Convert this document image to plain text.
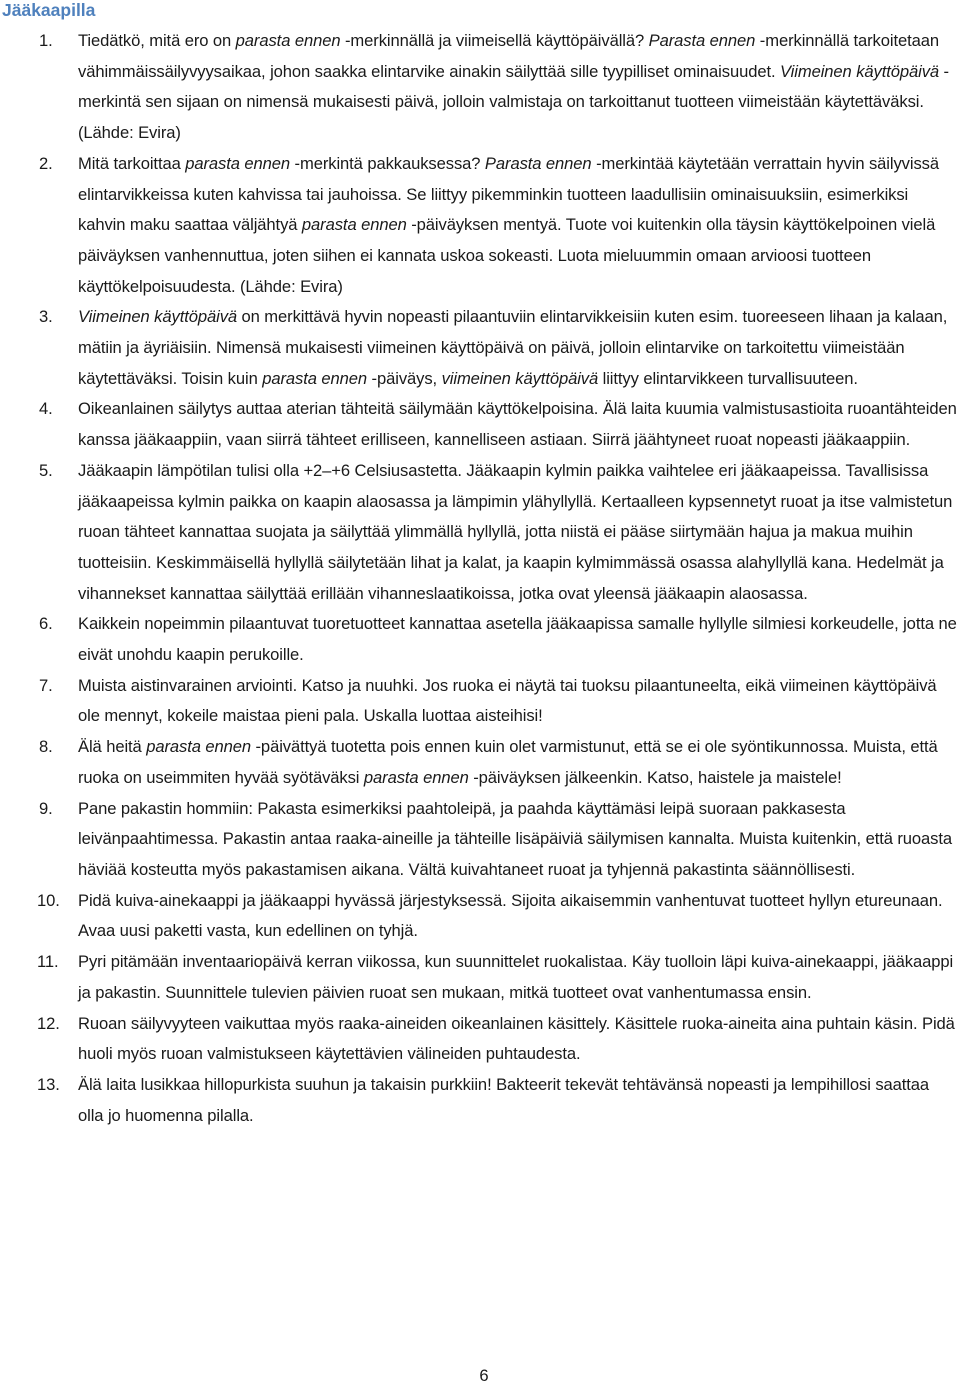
Jääkaapilla
1.	Tiedätkö, mitä ero on parasta ennen -merkinnällä ja viimeisellä käyttöpäivällä? Parasta ennen -merkinnällä tarkoitetaan vähimmäissäilyvyysaikaa, johon saakka elintarvike ainakin säilyttää sille tyypilliset ominaisuudet. Viimeinen käyttöpäivä -merkintä sen sijaan on nimensä mukaisesti päivä, jolloin valmistaja on tarkoittanut tuotteen viimeistään käytettäväksi. (Lähde: Evira)
2.	Mitä tarkoittaa parasta ennen -merkintä pakkauksessa? Parasta ennen -merkintää käytetään verrattain hyvin säilyvissä elintarvikkeissa kuten kahvissa tai jauhoissa. Se liittyy pikemminkin tuotteen laadullisiin ominaisuuksiin, esimerkiksi kahvin maku saattaa väljähtyä parasta ennen -päiväyksen mentyä. Tuote voi kuitenkin olla täysin käyttökelpoinen vielä päiväyksen vanhennuttua, joten siihen ei kannata uskoa sokeasti. Luota mieluummin omaan arvioosi tuotteen käyttökelpoisuudesta. (Lähde: Evira)
3.	Viimeinen käyttöpäivä on merkittävä hyvin nopeasti pilaantuviin elintarvikkeisiin kuten esim. tuoreeseen lihaan ja kalaan, mätiin ja äyriäisiin. Nimensä mukaisesti viimeinen käyttöpäivä on päivä, jolloin elintarvike on tarkoitettu viimeistään käytettäväksi. Toisin kuin parasta ennen -päiväys, viimeinen käyttöpäivä liittyy elintarvikkeen turvallisuuteen.
4.	Oikeanlainen säilytys auttaa aterian tähteitä säilymään käyttökelpoisina. Älä laita kuumia valmistusastioita ruoantähteiden kanssa jääkaappiin, vaan siirrä tähteet erilliseen, kannelliseen astiaan. Siirrä jäähtyneet ruoat nopeasti jääkaappiin.
5.	Jääkaapin lämpötilan tulisi olla +2–+6 Celsiusastetta. Jääkaapin kylmin paikka vaihtelee eri jääkaapeissa. Tavallisissa jääkaapeissa kylmin paikka on kaapin alaosassa ja lämpimin ylähyllyllä. Kertaalleen kypsennetyt ruoat ja itse valmistetun ruoan tähteet kannattaa suojata ja säilyttää ylimmällä hyllyllä, jotta niistä ei pääse siirtymään hajua ja makua muihin tuotteisiin. Keskimmäisellä hyllyllä säilytetään lihat ja kalat, ja kaapin kylmimmässä osassa alahyllyllä kana. Hedelmät ja vihannekset kannattaa säilyttää erillään vihanneslaatikoissa, jotka ovat yleensä jääkaapin alaosassa.
6.	Kaikkein nopeimmin pilaantuvat tuoretuotteet kannattaa asetella jääkaapissa samalle hyllylle silmiesi korkeudelle, jotta ne eivät unohdu kaapin perukoille.
7.	Muista aistinvarainen arviointi. Katso ja nuuhki. Jos ruoka ei näytä tai tuoksu pilaantuneelta, eikä viimeinen käyttöpäivä ole mennyt, kokeile maistaa pieni pala. Uskalla luottaa aisteihisi!
8.	Älä heitä parasta ennen -päivättyä tuotetta pois ennen kuin olet varmistunut, että se ei ole syöntikunnossa. Muista, että ruoka on useimmiten hyvää syötäväksi parasta ennen -päiväyksen jälkeenkin. Katso, haistele ja maistele!
9.	Pane pakastin hommiin: Pakasta esimerkiksi paahtoleipä, ja paahda käyttämäsi leipä suoraan pakkasesta leivänpaahtimessa. Pakastin antaa raaka-aineille ja tähteille lisäpäiviä säilymisen kannalta. Muista kuitenkin, että ruoasta häviää kosteutta myös pakastamisen aikana. Vältä kuivahtaneet ruoat ja tyhjennä pakastinta säännöllisesti.
10.	Pidä kuiva-ainekaappi ja jääkaappi hyvässä järjestyksessä. Sijoita aikaisemmin vanhentuvat tuotteet hyllyn etureunaan. Avaa uusi paketti vasta, kun edellinen on tyhjä.
11.	Pyri pitämään inventaariopäivä kerran viikossa, kun suunnittelet ruokalistaa. Käy tuolloin läpi kuiva-ainekaappi, jääkaappi ja pakastin. Suunnittele tulevien päivien ruoat sen mukaan, mitkä tuotteet ovat vanhentumassa ensin.
12.	Ruoan säilyvyyteen vaikuttaa myös raaka-aineiden oikeanlainen käsittely. Käsittele ruoka-aineita aina puhtain käsin. Pidä huoli myös ruoan valmistukseen käytettävien välineiden puhtaudesta.
13.	Älä laita lusikkaa hillopurkista suuhun ja takaisin purkkiin! Bakteerit tekevät tehtävänsä nopeasti ja lempihillosi saattaa olla jo huomenna pilalla.
6
